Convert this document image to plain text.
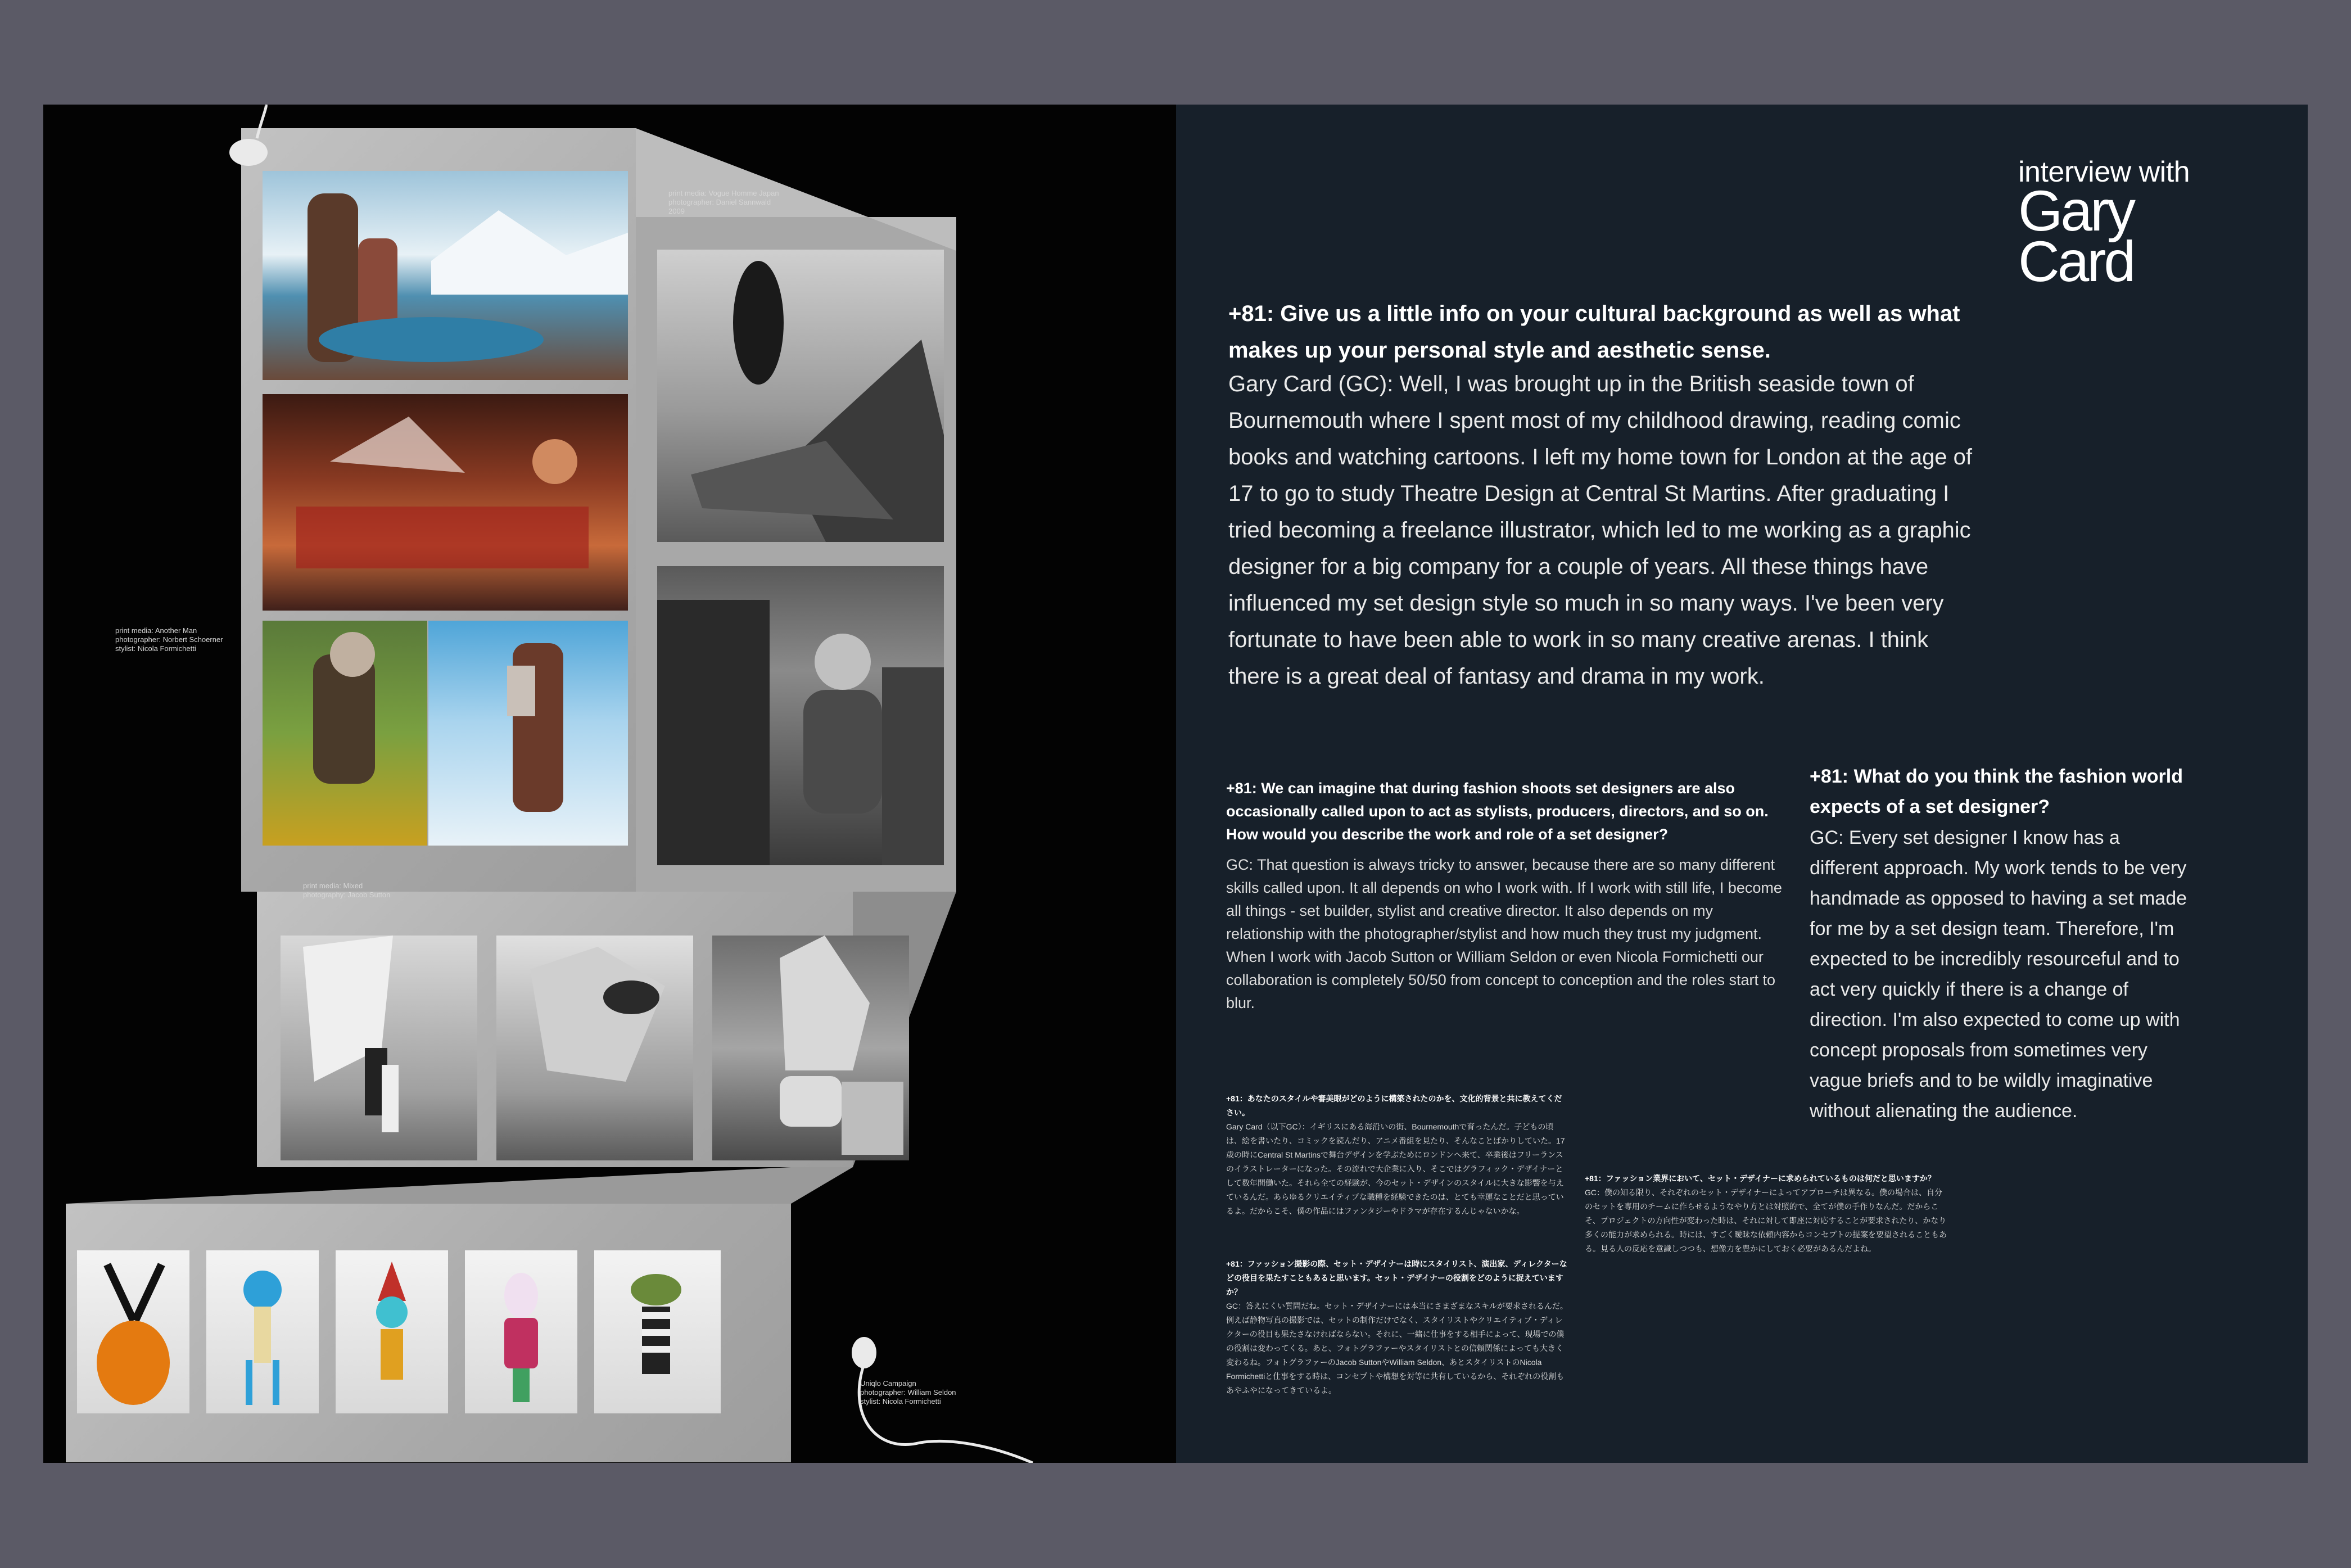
print media: Vogue Homme Japan
photographer: Daniel Sannwald
2009
print media: Another Man
photographer: Norbert Schoerner
stylist: Nicola Formichetti
print media: Mixed
photography: Jacob Sutton
Uniqlo Campaign
photographer: William Seldon
stylist: Nicola Formichetti
interview with
Gary
Card
+81: Give us a little info on your cultural background as well as what makes up your personal style and aesthetic sense.
Gary Card (GC): Well, I was brought up in the British seaside town of Bournemouth where I spent most of my childhood drawing, reading comic books and watching cartoons. I left my home town for London at the age of 17 to go to study Theatre Design at Central St Martins. After graduating I tried becoming a freelance illustrator, which led to me working as a graphic designer for a big company for a couple of years. All these things have influenced my set design style so much in so many ways. I've been very fortunate to have been able to work in so many creative arenas. I think there is a great deal of fantasy and drama in my work.
+81: We can imagine that during fashion shoots set designers are also occasionally called upon to act as stylists, producers, directors, and so on. How would you describe the work and role of a set designer?
GC: That question is always tricky to answer, because there are so many different skills called upon. It all depends on who I work with. If I work with still life, I become all things - set builder, stylist and creative director. It also depends on my relationship with the photographer/stylist and how much they trust my judgment. When I work with Jacob Sutton or William Seldon or even Nicola Formichetti our collaboration is completely 50/50 from concept to conception and the roles start to blur.
+81: What do you think the fashion world expects of a set designer?
GC: Every set designer I know has a different approach. My work tends to be very handmade as opposed to having a set made for me by a set design team. Therefore, I'm expected to be incredibly resourceful and to act very quickly if there is a change of direction. I'm also expected to come up with concept proposals from sometimes very vague briefs and to be wildly imaginative without alienating the audience.
+81：あなたのスタイルや審美眼がどのように構築されたのかを、文化的背景と共に教えてください。
Gary Card（以下GC）：イギリスにある海沿いの街、Bournemouthで育ったんだ。子どもの頃は、絵を書いたり、コミックを読んだり、アニメ番組を見たり、そんなことばかりしていた。17歳の時にCentral St Martinsで舞台デザインを学ぶためにロンドンへ来て、卒業後はフリーランスのイラストレーターになった。その流れで大企業に入り、そこではグラフィック・デザイナーとして数年間働いた。それら全ての経験が、今のセット・デザインのスタイルに大きな影響を与えているんだ。あらゆるクリエイティブな職種を経験できたのは、とても幸運なことだと思っているよ。だからこそ、僕の作品にはファンタジーやドラマが存在するんじゃないかな。
+81：ファッション撮影の際、セット・デザイナーは時にスタイリスト、演出家、ディレクターなどの役目を果たすこともあると思います。セット・デザイナーの役割をどのように捉えていますか？
GC：答えにくい質問だね。セット・デザイナーには本当にさまざまなスキルが要求されるんだ。例えば静物写真の撮影では、セットの制作だけでなく、スタイリストやクリエイティブ・ディレクターの役目も果たさなければならない。それに、一緒に仕事をする相手によって、現場での僕の役割は変わってくる。あと、フォトグラファーやスタイリストとの信頼関係によっても大きく変わるね。フォトグラファーのJacob SuttonやWilliam Seldon、あとスタイリストのNicola Formichettiと仕事をする時は、コンセプトや構想を対等に共有しているから、それぞれの役割もあやふやになってきているよ。
+81：ファッション業界において、セット・デザイナーに求められているものは何だと思いますか？
GC：僕の知る限り、それぞれのセット・デザイナーによってアプローチは異なる。僕の場合は、自分のセットを専用のチームに作らせるようなやり方とは対照的で、全てが僕の手作りなんだ。だからこそ、プロジェクトの方向性が変わった時は、それに対して即座に対応することが要求されたり、かなり多くの能力が求められる。時には、すごく曖昧な依頼内容からコンセプトの提案を要望されることもある。見る人の反応を意識しつつも、想像力を豊かにしておく必要があるんだよね。
